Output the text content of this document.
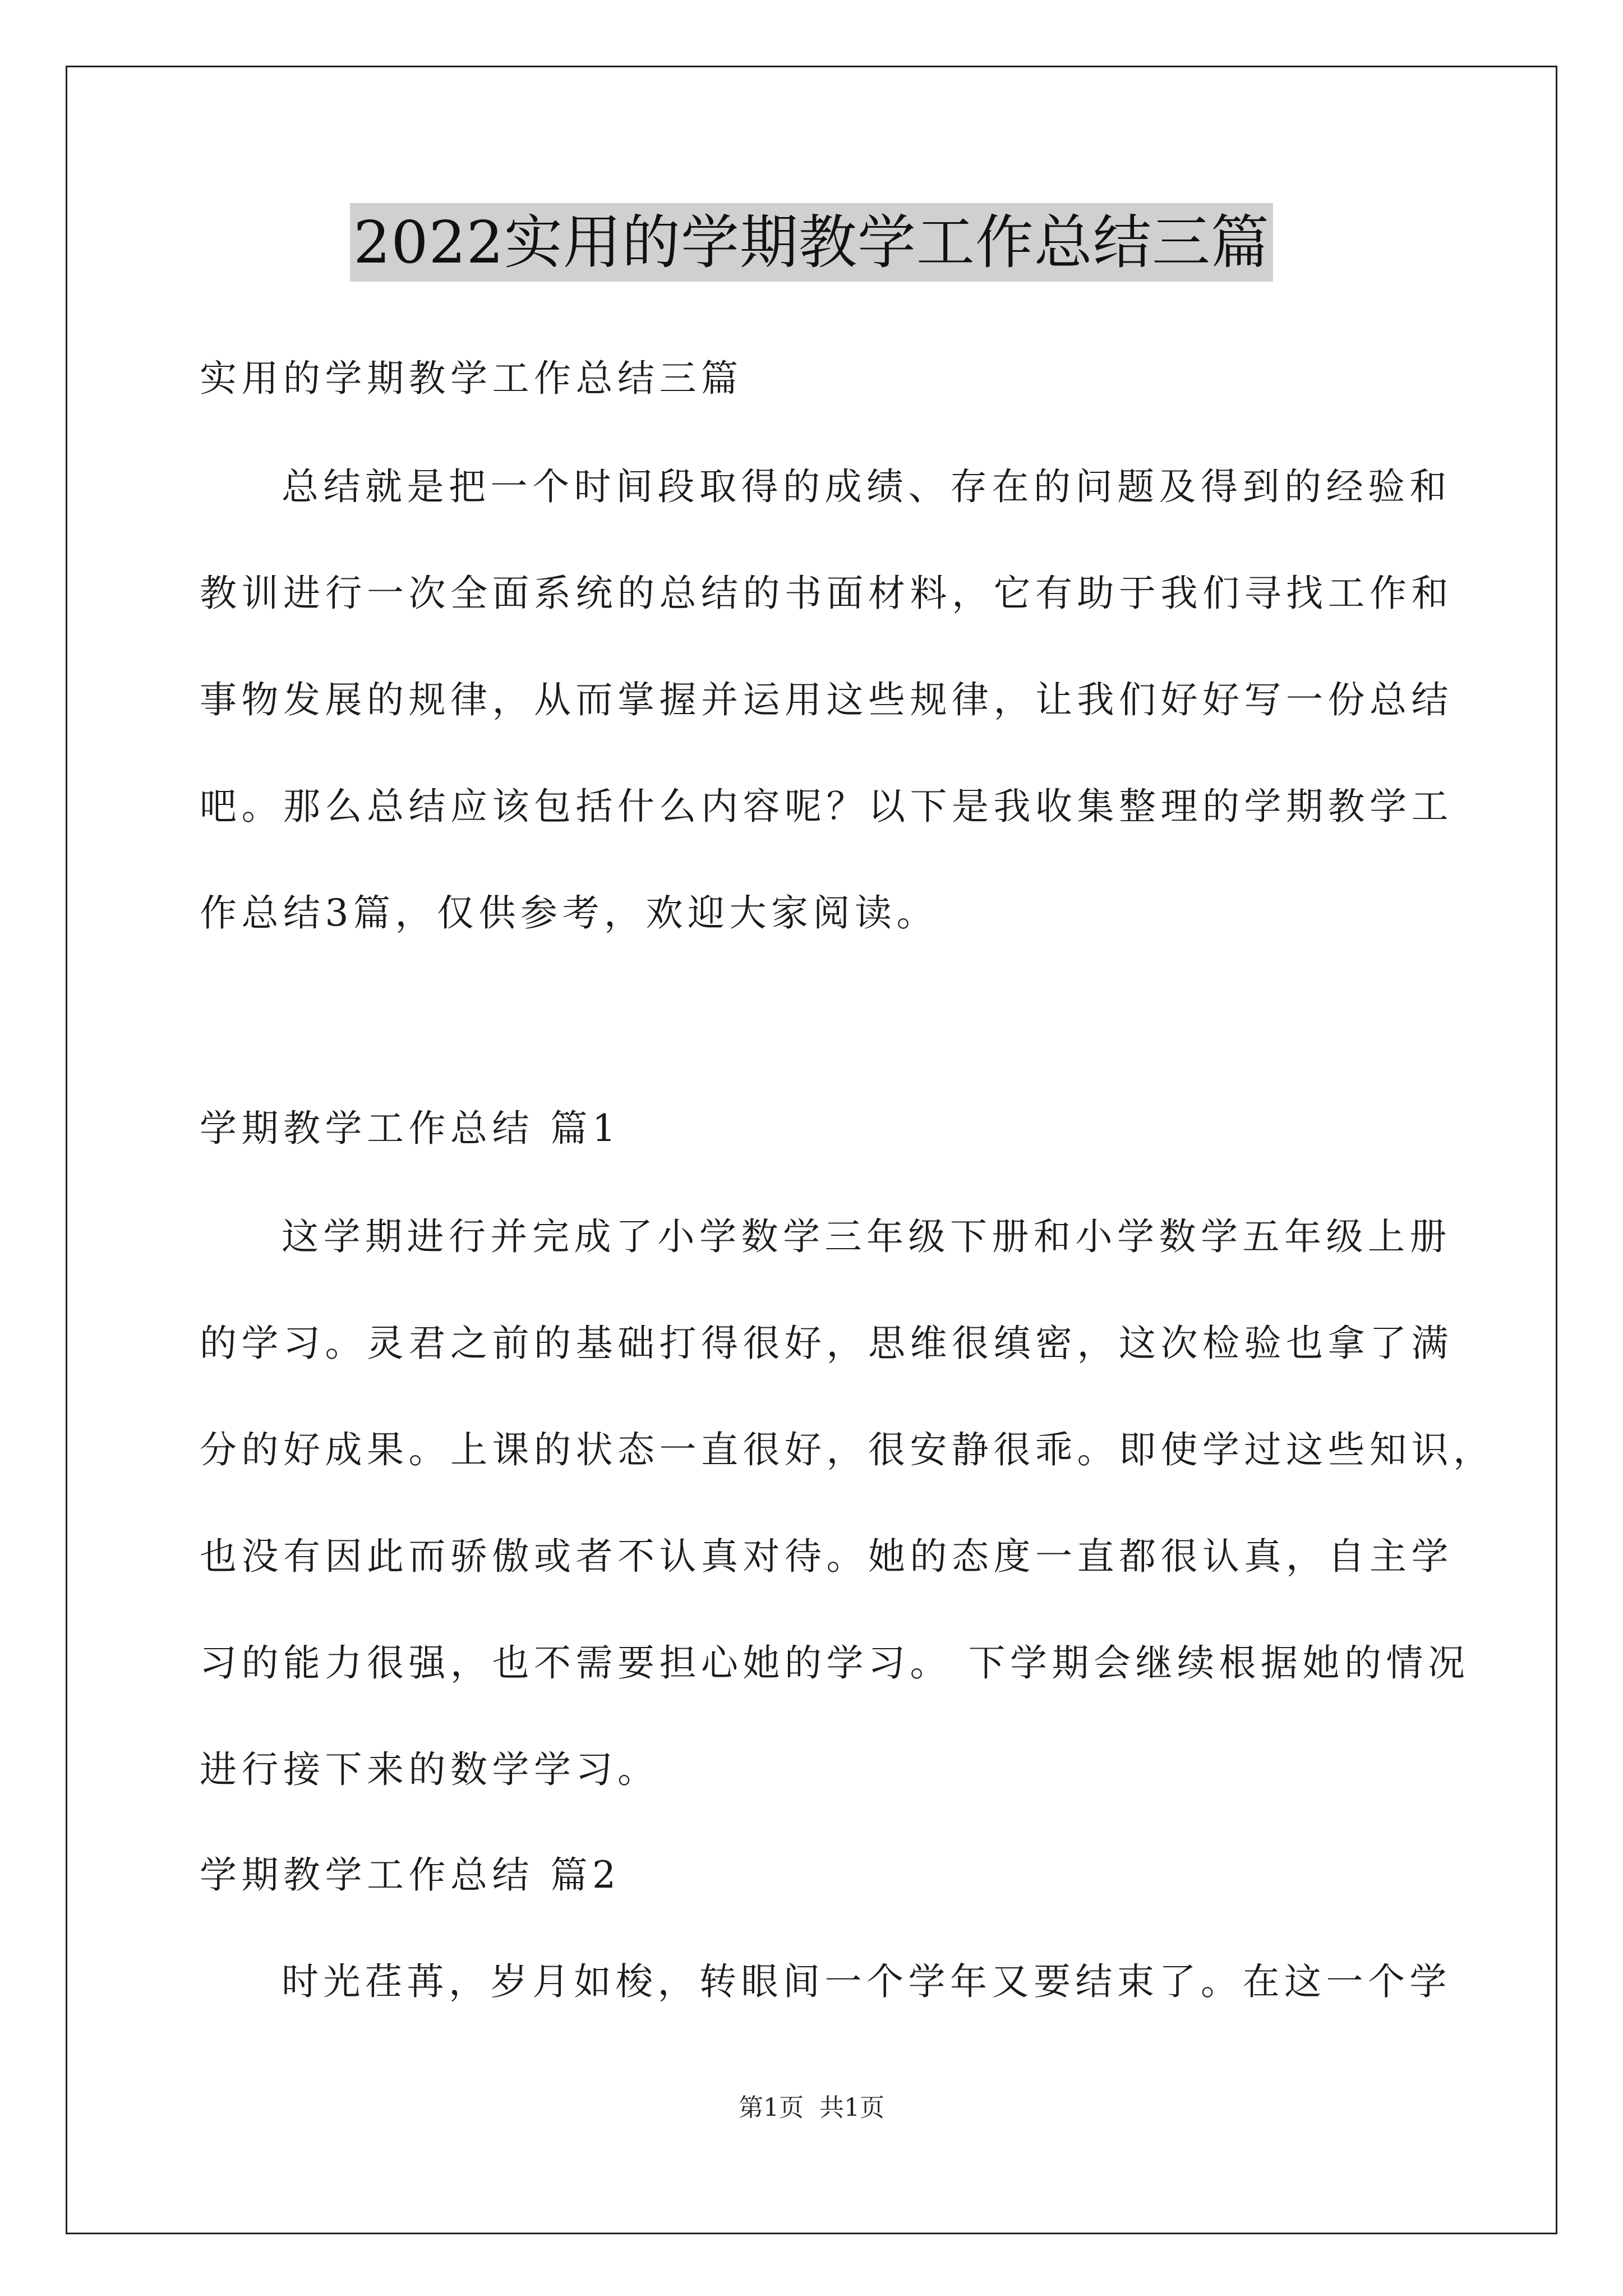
2022实用的学期教学工作总结三篇
实用的学期教学工作总结三篇
总结就是把一个时间段取得的成绩、存在的问题及得到的经验和
教训进行一次全面系统的总结的书面材料，它有助于我们寻找工作和
事物发展的规律，从而掌握并运用这些规律，让我们好好写一份总结
吧。那么总结应该包括什么内容呢？以下是我收集整理的学期教学工
作总结3篇，仅供参考，欢迎大家阅读。
学期教学工作总结 篇1
这学期进行并完成了小学数学三年级下册和小学数学五年级上册
的学习。灵君之前的基础打得很好，思维很缜密，这次检验也拿了满
分的好成果。上课的状态一直很好，很安静很乖。即使学过这些知识，
也没有因此而骄傲或者不认真对待。她的态度一直都很认真，自主学
习的能力很强，也不需要担心她的学习。 下学期会继续根据她的情况
进行接下来的数学学习。
学期教学工作总结 篇2
时光荏苒，岁月如梭，转眼间一个学年又要结束了。在这一个学
第1页 共1页
